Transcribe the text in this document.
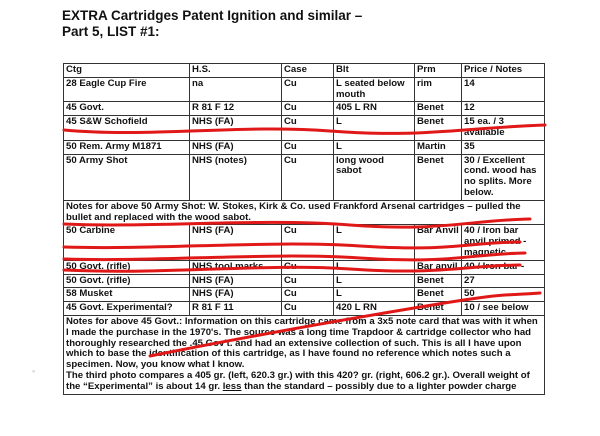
EXTRA Cartridges Patent Ignition and similar –
Part 5, LIST #1:
Ctg	H.S.	Case	Blt	Prm	Price / Notes
28 Eagle Cup Fire	na	Cu	L seated below mouth	rim	14
45 Govt.	R 81 F 12	Cu	405 L RN	Benet	12
45 S&W Schofield	NHS (FA)	Cu	L	Benet	15 ea. / 3 available
50 Rem. Army M1871	NHS (FA)	Cu	L	Martin	35
50 Army Shot	NHS (notes)	Cu	long wood sabot	Benet	30 / Excellent cond. wood has no splits. More below.
Notes for above 50 Army Shot: W. Stokes, Kirk & Co. used Frankford Arsenal cartridges – pulled the bullet and replaced with the wood sabot.					
50 Carbine	NHS (FA)	Cu	L	Bar Anvil	40 / Iron bar anvil primed - magnetic
50 Govt. (rifle)	NHS tool marks	Cu	L	Bar anvil	40 / Iron bar -
50 Govt. (rifle)	NHS (FA)	Cu	L	Benet	27
58 Musket	NHS (FA)	Cu	L	Benet	50
45 Govt. Experimental?	R 81 F 11	Cu	420 L RN	Benet	10 / see below

Notes for above 45 Govt.: Information on this cartridge came from a 3x5 note card that was with it when I made the purchase in the 1970's. The source was a long time Trapdoor & cartridge collector who had thoroughly researched the .45 Gov't. and had an extensive collection of such. This is all I have upon which to base the identification of this cartridge, as I have found no reference which notes such a specimen. Now, you know what I know.
The third photo compares a 405 gr. (left, 620.3 gr.) with this 420? gr. (right, 606.2 gr.). Overall weight of the “Experimental” is about 14 gr. less than the standard – possibly due to a lighter powder charge					
◦
